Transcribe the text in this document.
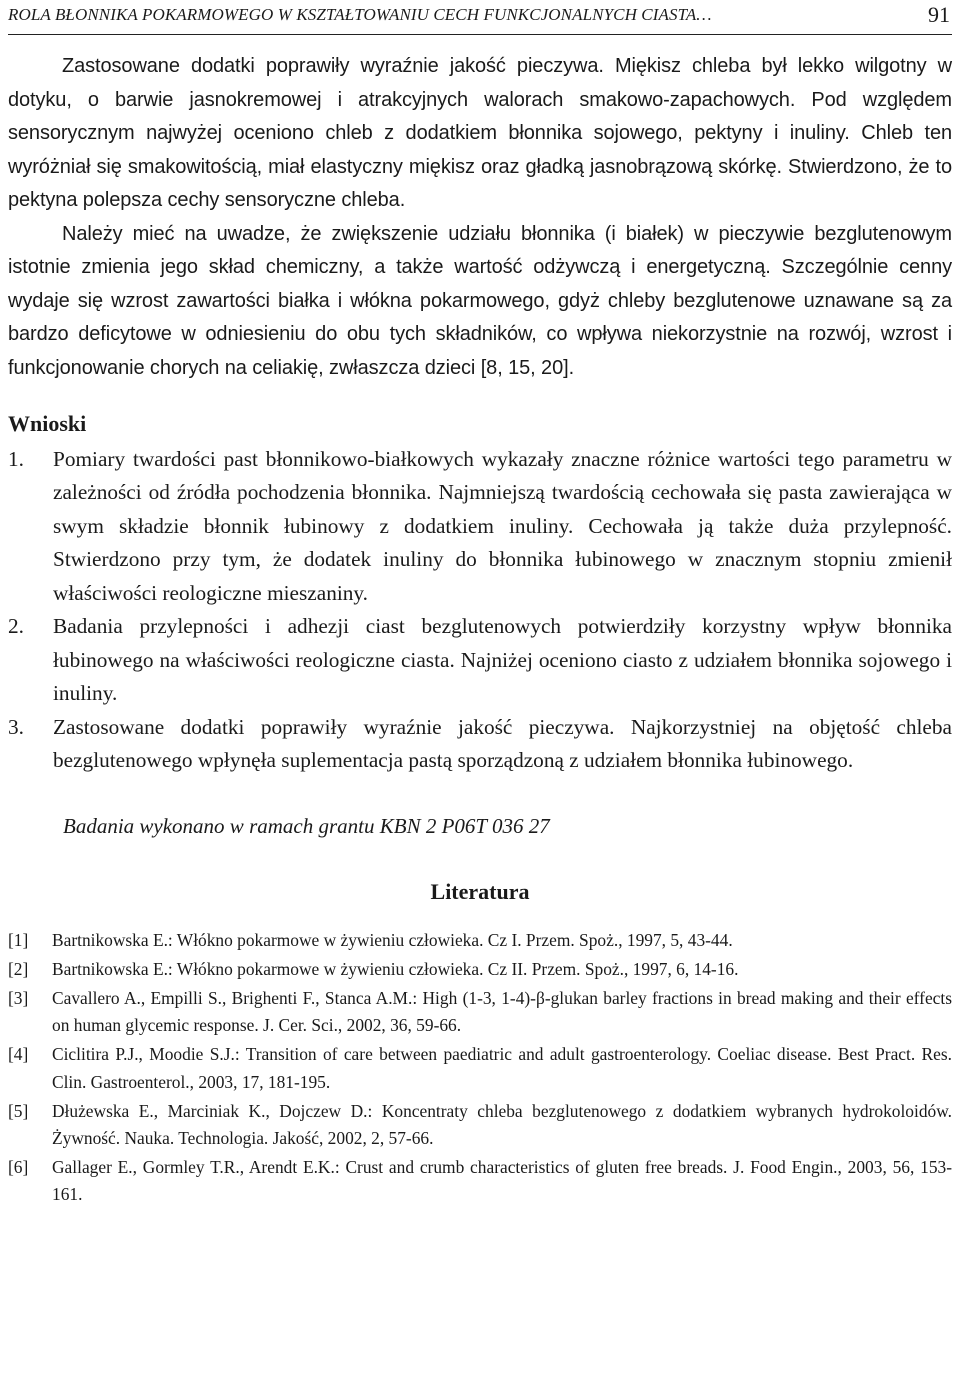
ROLA BŁONNIKA POKARMOWEGO W KSZTAŁTOWANIU CECH FUNKCJONALNYCH CIASTA…	91

Zastosowane dodatki poprawiły wyraźnie jakość pieczywa. Miękisz chleba był lekko wilgotny w dotyku, o barwie jasnokremowej i atrakcyjnych walorach smakowo-zapachowych. Pod względem sensorycznym najwyżej oceniono chleb z dodatkiem błonnika sojowego, pektyny i inuliny. Chleb ten wyróżniał się smakowitością, miał elastyczny miękisz oraz gładką jasnobrązową skórkę. Stwierdzono, że to pektyna polepsza cechy sensoryczne chleba.

Należy mieć na uwadze, że zwiększenie udziału błonnika (i białek) w pieczywie bezglutenowym istotnie zmienia jego skład chemiczny, a także wartość odżywczą i energetyczną. Szczególnie cenny wydaje się wzrost zawartości białka i włókna pokarmowego, gdyż chleby bezglutenowe uznawane są za bardzo deficytowe w odniesieniu do obu tych składników, co wpływa niekorzystnie na rozwój, wzrost i funkcjonowanie chorych na celiakię, zwłaszcza dzieci [8, 15, 20].

Wnioski
1. Pomiary twardości past błonnikowo-białkowych wykazały znaczne różnice wartości tego parametru w zależności od źródła pochodzenia błonnika. Najmniejszą twardością cechowała się pasta zawierająca w swym składzie błonnik łubinowy z dodatkiem inuliny. Cechowała ją także duża przylepność. Stwierdzono przy tym, że dodatek inuliny do błonnika łubinowego w znacznym stopniu zmienił właściwości reologiczne mieszaniny.
2. Badania przylepności i adhezji ciast bezglutenowych potwierdziły korzystny wpływ błonnika łubinowego na właściwości reologiczne ciasta. Najniżej oceniono ciasto z udziałem błonnika sojowego i inuliny.
3. Zastosowane dodatki poprawiły wyraźnie jakość pieczywa. Najkorzystniej na objętość chleba bezglutenowego wpłynęła suplementacja pastą sporządzoną z udziałem błonnika łubinowego.
Badania wykonano w ramach grantu KBN 2 P06T 036 27
Literatura
[1] Bartnikowska E.: Włókno pokarmowe w żywieniu człowieka. Cz I. Przem. Spoż., 1997, 5, 43-44.
[2] Bartnikowska E.: Włókno pokarmowe w żywieniu człowieka. Cz II. Przem. Spoż., 1997, 6, 14-16.
[3] Cavallero A., Empilli S., Brighenti F., Stanca A.M.: High (1-3, 1-4)-β-glukan barley fractions in bread making and their effects on human glycemic response. J. Cer. Sci., 2002, 36, 59-66.
[4] Ciclitira P.J., Moodie S.J.: Transition of care between paediatric and adult gastroenterology. Coeliac disease. Best Pract. Res. Clin. Gastroenterol., 2003, 17, 181-195.
[5] Dłużewska E., Marciniak K., Dojczew D.: Koncentraty chleba bezglutenowego z dodatkiem wybranych hydrokoloidów. Żywność. Nauka. Technologia. Jakość, 2002, 2, 57-66.
[6] Gallager E., Gormley T.R., Arendt E.K.: Crust and crumb characteristics of gluten free breads. J. Food Engin., 2003, 56, 153-161.
